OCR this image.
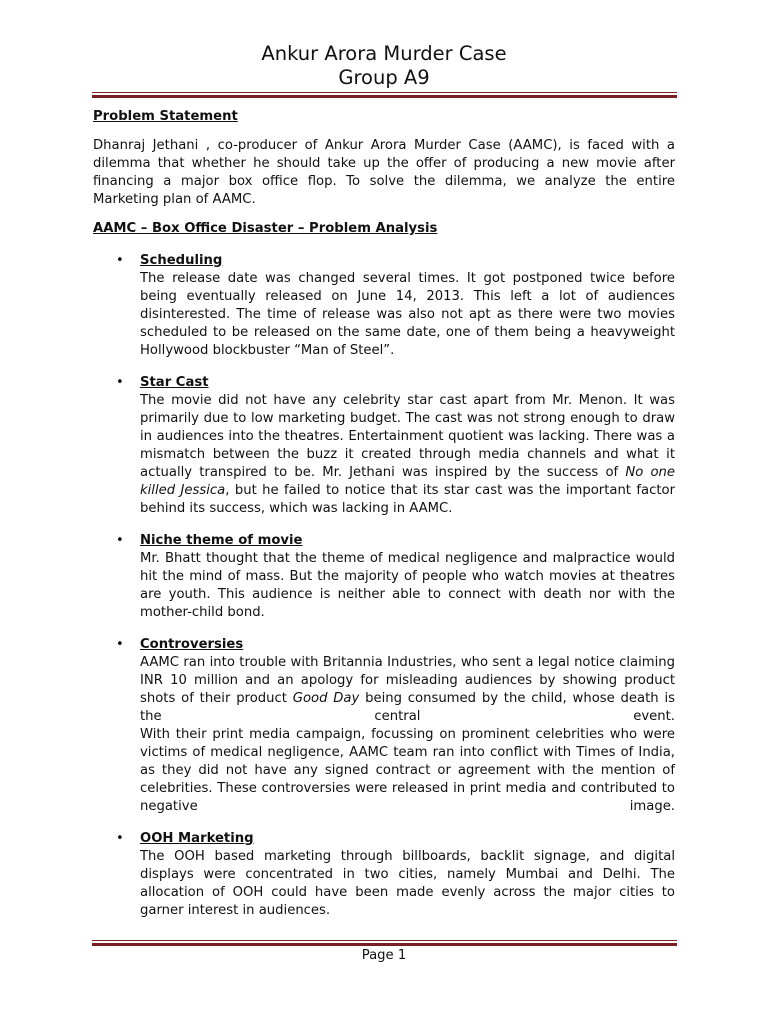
Ankur Arora Murder Case
Group A9

Problem Statement

Dhanraj Jethani , co-producer of Ankur Arora Murder Case (AAMC), is faced with a dilemma that whether he should take up the offer of producing a new movie after financing a major box office flop. To solve the dilemma, we analyze the entire Marketing plan of AAMC.

AAMC – Box Office Disaster – Problem Analysis

• Scheduling

The release date was changed several times. It got postponed twice before being eventually released on June 14, 2013. This left a lot of audiences disinterested. The time of release was also not apt as there were two movies scheduled to be released on the same date, one of them being a heavyweight Hollywood blockbuster “Man of Steel”.

• Star Cast

The movie did not have any celebrity star cast apart from Mr. Menon. It was primarily due to low marketing budget. The cast was not strong enough to draw in audiences into the theatres. Entertainment quotient was lacking. There was a mismatch between the buzz it created through media channels and what it actually transpired to be. Mr. Jethani was inspired by the success of No one killed Jessica, but he failed to notice that its star cast was the important factor behind its success, which was lacking in AAMC.

• Niche theme of movie

Mr. Bhatt thought that the theme of medical negligence and malpractice would hit the mind of mass. But the majority of people who watch movies at theatres are youth. This audience is neither able to connect with death nor with the mother-child bond.

• Controversies

AAMC ran into trouble with Britannia Industries, who sent a legal notice claiming INR 10 million and an apology for misleading audiences by showing product shots of their product Good Day being consumed by the child, whose death is the central event.

With their print media campaign, focussing on prominent celebrities who were victims of medical negligence, AAMC team ran into conflict with Times of India, as they did not have any signed contract or agreement with the mention of celebrities. These controversies were released in print media and contributed to negative image.

• OOH Marketing

The OOH based marketing through billboards, backlit signage, and digital displays were concentrated in two cities, namely Mumbai and Delhi. The allocation of OOH could have been made evenly across the major cities to garner interest in audiences.

Page 1
